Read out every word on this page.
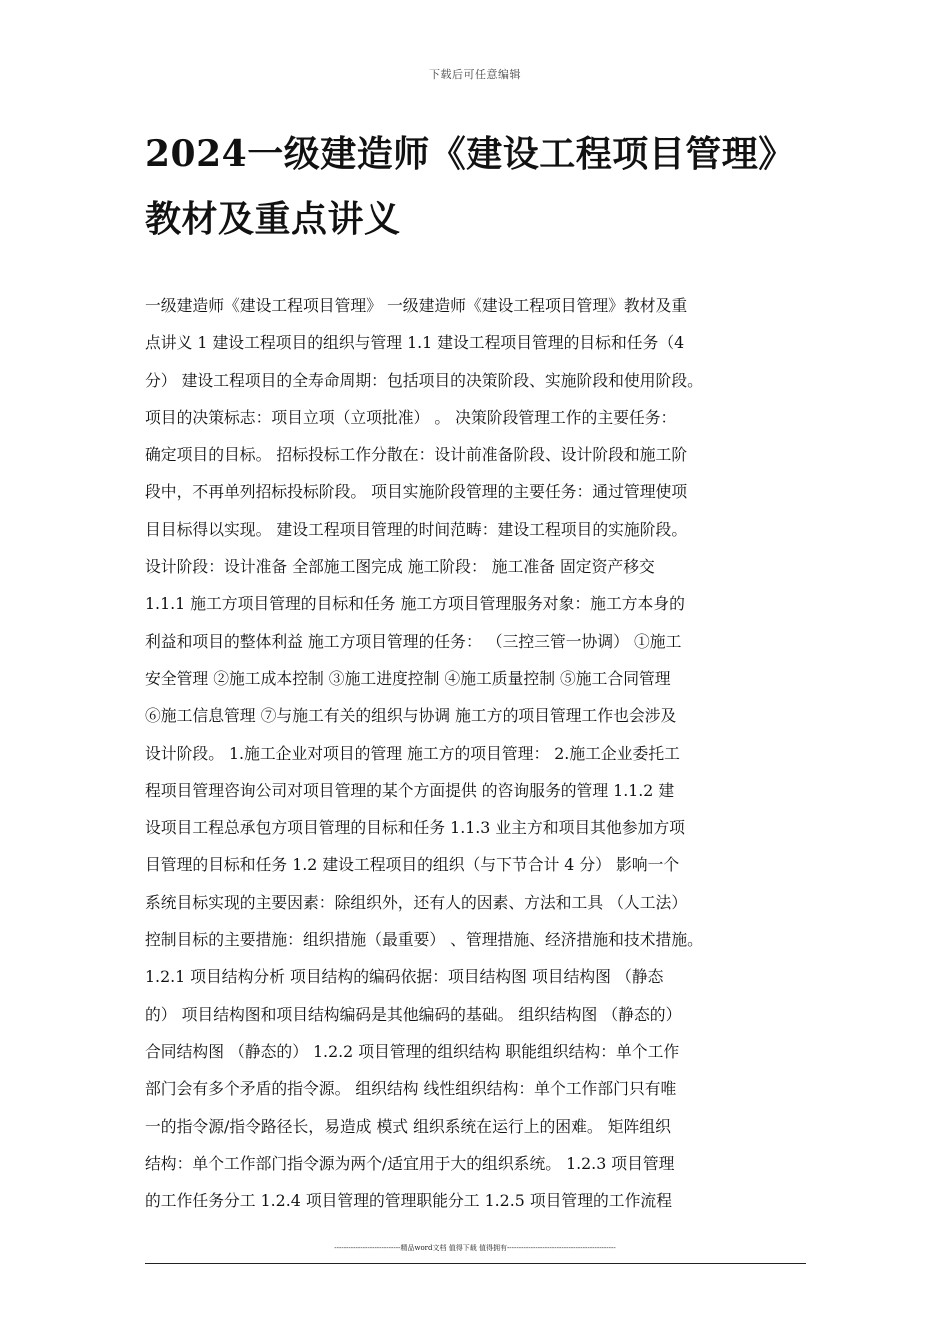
下载后可任意编辑
2024一级建造师《建设工程项目管理》
教材及重点讲义
一级建造师《建设工程项目管理》 一级建造师《建设工程项目管理》教材及重
点讲义 1 建设工程项目的组织与管理 1.1 建设工程项目管理的目标和任务（4
分） 建设工程项目的全寿命周期：包括项目的决策阶段、实施阶段和使用阶段。
项目的决策标志：项目立项（立项批准） 。 决策阶段管理工作的主要任务：
确定项目的目标。 招标投标工作分散在：设计前准备阶段、设计阶段和施工阶
段中，不再单列招标投标阶段。 项目实施阶段管理的主要任务：通过管理使项
目目标得以实现。 建设工程项目管理的时间范畴：建设工程项目的实施阶段。
设计阶段：设计准备 全部施工图完成 施工阶段： 施工准备 固定资产移交
1.1.1 施工方项目管理的目标和任务 施工方项目管理服务对象：施工方本身的
利益和项目的整体利益 施工方项目管理的任务： （三控三管一协调） ①施工
安全管理 ②施工成本控制 ③施工进度控制 ④施工质量控制 ⑤施工合同管理
⑥施工信息管理 ⑦与施工有关的组织与协调 施工方的项目管理工作也会涉及
设计阶段。 1.施工企业对项目的管理 施工方的项目管理： 2.施工企业委托工
程项目管理咨询公司对项目管理的某个方面提供 的咨询服务的管理 1.1.2 建
设项目工程总承包方项目管理的目标和任务 1.1.3 业主方和项目其他参加方项
目管理的目标和任务 1.2 建设工程项目的组织（与下节合计 4 分） 影响一个
系统目标实现的主要因素：除组织外，还有人的因素、方法和工具 （人工法）
控制目标的主要措施：组织措施（最重要） 、管理措施、经济措施和技术措施。
1.2.1 项目结构分析 项目结构的编码依据：项目结构图 项目结构图 （静态
的） 项目结构图和项目结构编码是其他编码的基础。 组织结构图 （静态的）
合同结构图 （静态的） 1.2.2 项目管理的组织结构 职能组织结构：单个工作
部门会有多个矛盾的指令源。 组织结构 线性组织结构：单个工作部门只有唯
一的指令源/指令路径长，易造成 模式 组织系统在运行上的困难。 矩阵组织
结构：单个工作部门指令源为两个/适宜用于大的组织系统。 1.2.3 项目管理
的工作任务分工 1.2.4 项目管理的管理职能分工 1.2.5 项目管理的工作流程
----------------------------精品word文档 值得下载 值得拥有----------------------------------------------
